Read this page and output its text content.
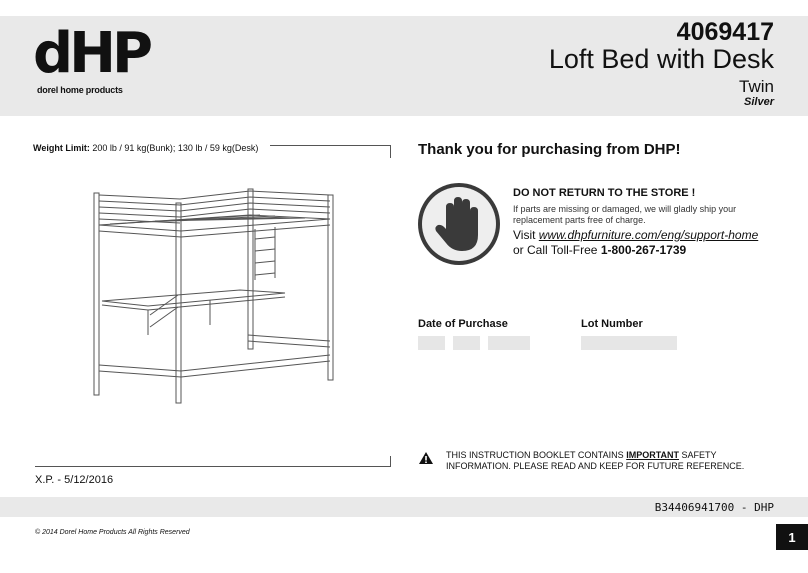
dHP
dorel home products
4069417
Loft Bed with Desk
Twin
Silver
Weight Limit: 200 lb / 91 kg(Bunk); 130 lb / 59 kg(Desk)	Thank you for purchasing from DHP!
DO NOT RETURN TO THE STORE !
If parts are missing or damaged, we will gladly ship your replacement parts free of charge.
Visit www.dhpfurniture.com/eng/support-home
or Call Toll-Free 1-800-267-1739
Date of Purchase	Lot Number
THIS INSTRUCTION BOOKLET CONTAINS IMPORTANT SAFETY INFORMATION. PLEASE READ AND KEEP FOR FUTURE REFERENCE.
X.P. - 5/12/2016
B34406941700 - DHP
© 2014 Dorel Home Products All Rights Reserved	1
